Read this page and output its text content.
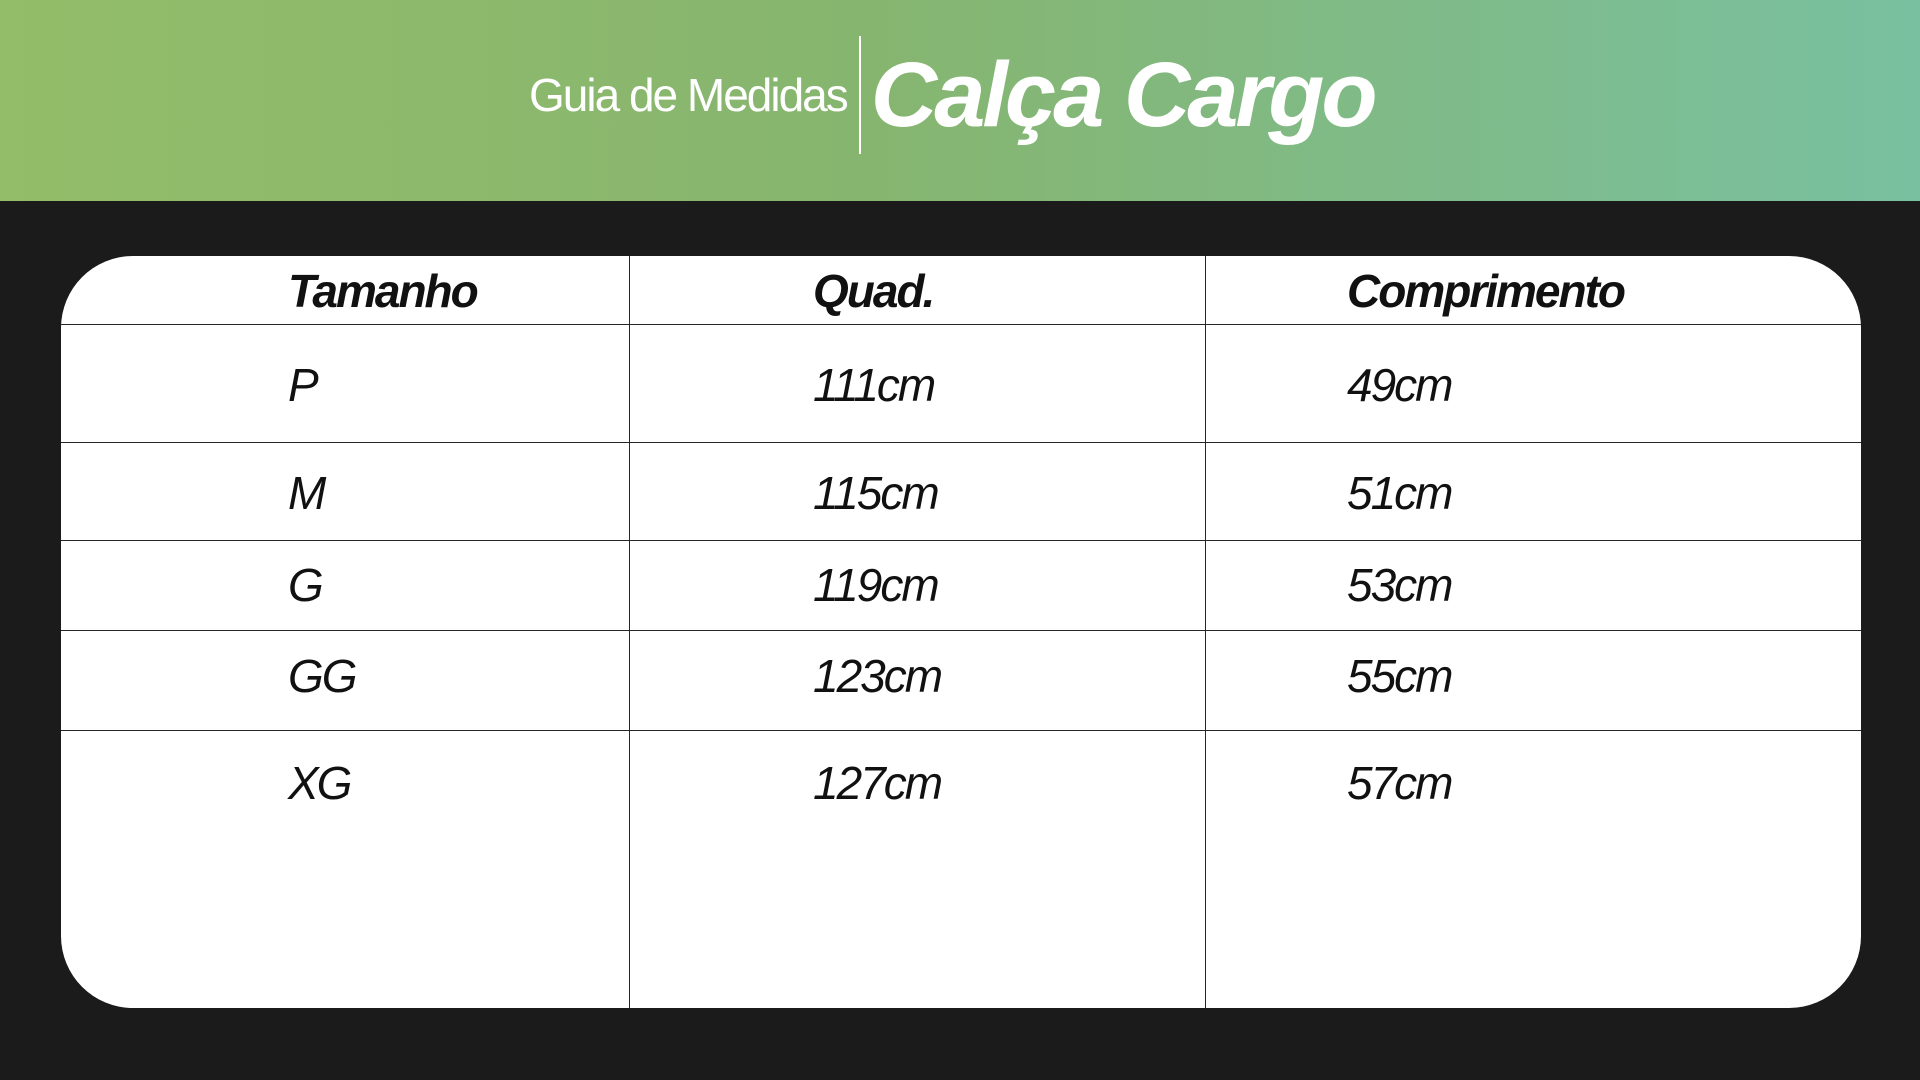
Guia de Medidas Calça Cargo
Tamanho	Quad.	Comprimento
P	111cm	49cm
M	115cm	51cm
G	119cm	53cm
GG	123cm	55cm
XG	127cm	57cm
